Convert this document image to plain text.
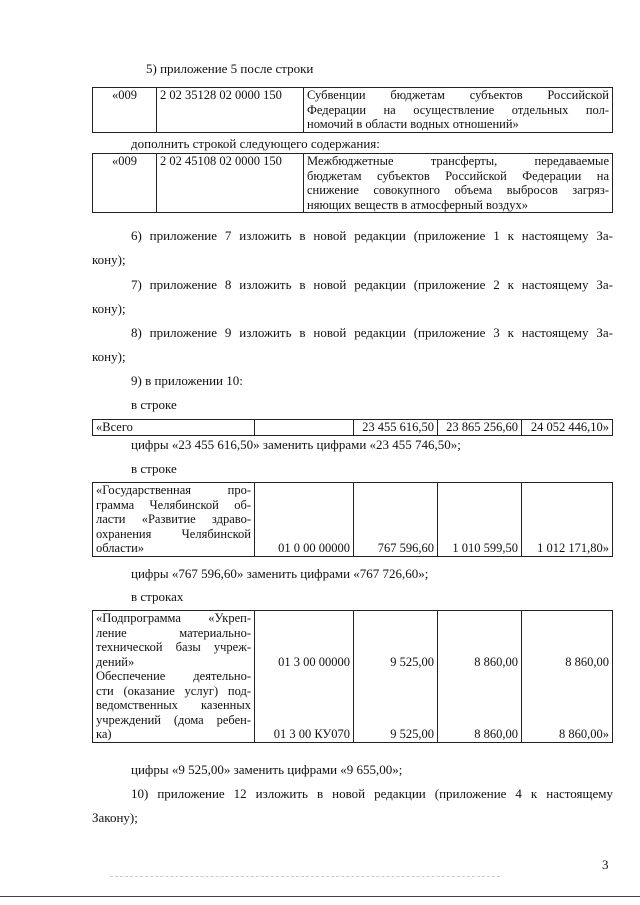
5) приложение 5 после строки
«009	2 02 35128 02 0000 150	Субвенции бюджетам субъектов Российской
Федерации на осуществление отдельных пол-
номочий в области водных отношений»
дополнить строкой следующего содержания:
«009	2 02 45108 02 0000 150	Межбюджетные трансферты, передаваемые
бюджетам субъектов Российской Федерации на
снижение совокупного объема выбросов загряз-
няющих веществ в атмосферный воздух»
6) приложение 7 изложить в новой редакции (приложение 1 к настоящему За-
кону);
7) приложение 8 изложить в новой редакции (приложение 2 к настоящему За-
кону);
8) приложение 9 изложить в новой редакции (приложение 3 к настоящему За-
кону);
9) в приложении 10:
в строке
«Всего		23 455 616,50	23 865 256,60	24 052 446,10»
цифры «23 455 616,50» заменить цифрами «23 455 746,50»;
в строке
«Государственная про-
грамма Челябинской об-
ласти «Развитие здраво-
охранения Челябинской
области»	01 0 00 00000	767 596,60	1 010 599,50	1 012 171,80»
цифры «767 596,60» заменить цифрами «767 726,60»;
в строках
«Подпрограмма «Укреп-
ление материально-
технической базы учреж-
дений»	01 3 00 00000	9 525,00	8 860,00	8 860,00

Обеспечение деятельно-
сти (оказание услуг) под-
ведомственных казенных
учреждений (дома ребен-
ка)	01 3 00 КУ070	9 525,00	8 860,00	8 860,00»
цифры «9 525,00» заменить цифрами «9 655,00»;
10) приложение 12 изложить в новой редакции (приложение 4 к настоящему
Закону);
3
